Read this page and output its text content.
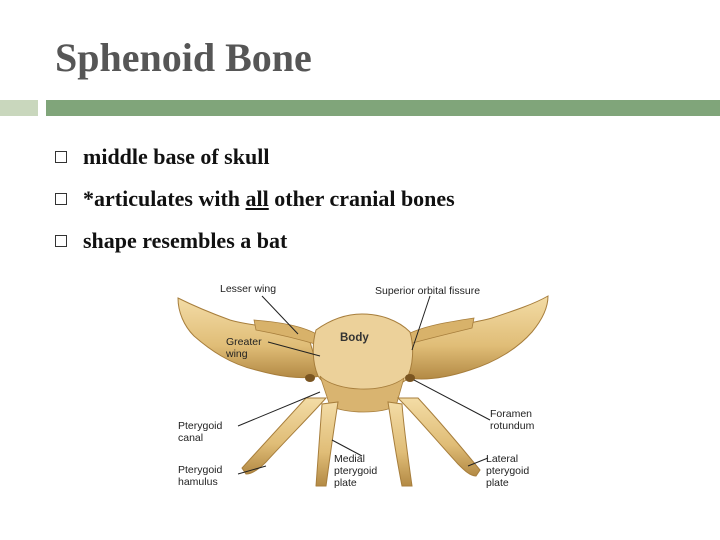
Sphenoid Bone
middle base of skull
*articulates with all other cranial bones
shape resembles a bat
Lesser wing	Superior orbital fissure
Body
Greater
wing
Foramen
rotundum
Pterygoid
canal
Pterygoid
hamulus
Medial
pterygoid
plate
Lateral
pterygoid
plate
